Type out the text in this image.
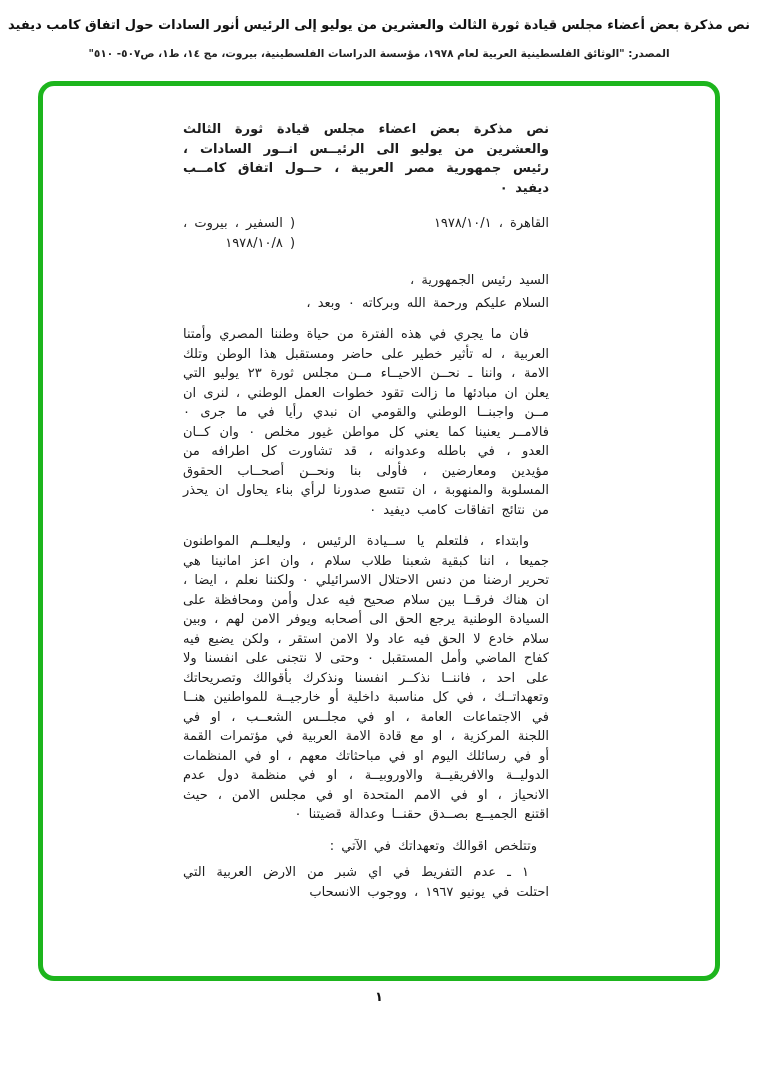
نص مذكرة بعض أعضاء مجلس قيادة ثورة الثالث والعشرين من يوليو إلى الرئيس أنور السادات حول اتفاق كامب ديفيد
المصدر: "الوثائق الفلسطينية العربية لعام ١٩٧٨، مؤسسة الدراسات الفلسطينية، بيروت، مج ١٤، ط١، ص٥٠٧- ٥١٠"

نص مذكرة بعض اعضاء مجلس قيادة ثورة الثالث والعشرين من يوليو الى الرئيــس انــور السادات ، رئيس جمهورية مصر العربية ، حــول اتفاق كامــب ديفيد ٠

القاهرة ، ١٩٧٨/١٠/١
( السفير ، بيروت ،
( ١٩٧٨/١٠/٨

السيد رئيس الجمهورية ،

السلام عليكم ورحمة الله وبركاته ٠ وبعد ،

فان ما يجري في هذه الفترة من حياة وطننا المصري وأمتنا العربية ، له تأثير خطير على حاضر ومستقبل هذا الوطن وتلك الامة ، واننا ـ نحــن الاحيــاء مــن مجلس ثورة ٢٣ يوليو التي يعلن ان مبادئها ما زالت تقود خطوات العمل الوطني ، لنرى ان مــن واجبنــا الوطني والقومي ان نبدي رأيا في ما جرى ٠ فالامــر يعنينا كما يعني كل مواطن غيور مخلص ٠ وان كــان العدو ، في باطله وعدوانه ، قد تشاورت كل اطرافه من مؤيدين ومعارضين ، فأولى بنا ونحــن أصحــاب الحقوق المسلوبة والمنهوبة ، ان تتسع صدورنا لرأي بناء يحاول ان يحذر من نتائج اتفاقات كامب ديفيد ٠

وابتداء ، فلتعلم يا ســيادة الرئيس ، وليعلــم المواطنون جميعا ، اننا كبقية شعبنا طلاب سلام ، وان اعز امانينا هي تحرير ارضنا من دنس الاحتلال الاسرائيلي ٠ ولكننا نعلم ، ايضا ، ان هناك فرقــا بين سلام صحيح فيه عدل وأمن ومحافظة على السيادة الوطنية يرجع الحق الى أصحابه ويوفر الامن لهم ، وبين سلام خادع لا الحق فيه عاد ولا الامن استقر ، ولكن يضيع فيه كفاح الماضي وأمل المستقبل ٠ وحتى لا نتجنى على انفسنا ولا على احد ، فاننــا نذكــر انفسنا ونذكرك بأقوالك وتصريحاتك وتعهداتــك ، في كل مناسبة داخلية أو خارجيــة للمواطنين هنــا في الاجتماعات العامة ، او في مجلــس الشعــب ، او في اللجنة المركزية ، او مع قادة الامة العربية في مؤتمرات القمة أو في رسائلك اليوم او في مباحثاتك معهم ، او في المنظمات الدوليــة والافريقيــة والاوروبيــة ، او في منظمة دول عدم الانحياز ، او في الامم المتحدة او في مجلس الامن ، حيث اقتنع الجميــع بصــدق حقنــا وعدالة قضيتنا ٠

وتتلخص اقوالك وتعهداتك في الآتي :

١ ـ عدم التفريط في اي شبر من الارض العربية التي احتلت في يونيو ١٩٦٧ ، ووجوب الانسحاب

١
